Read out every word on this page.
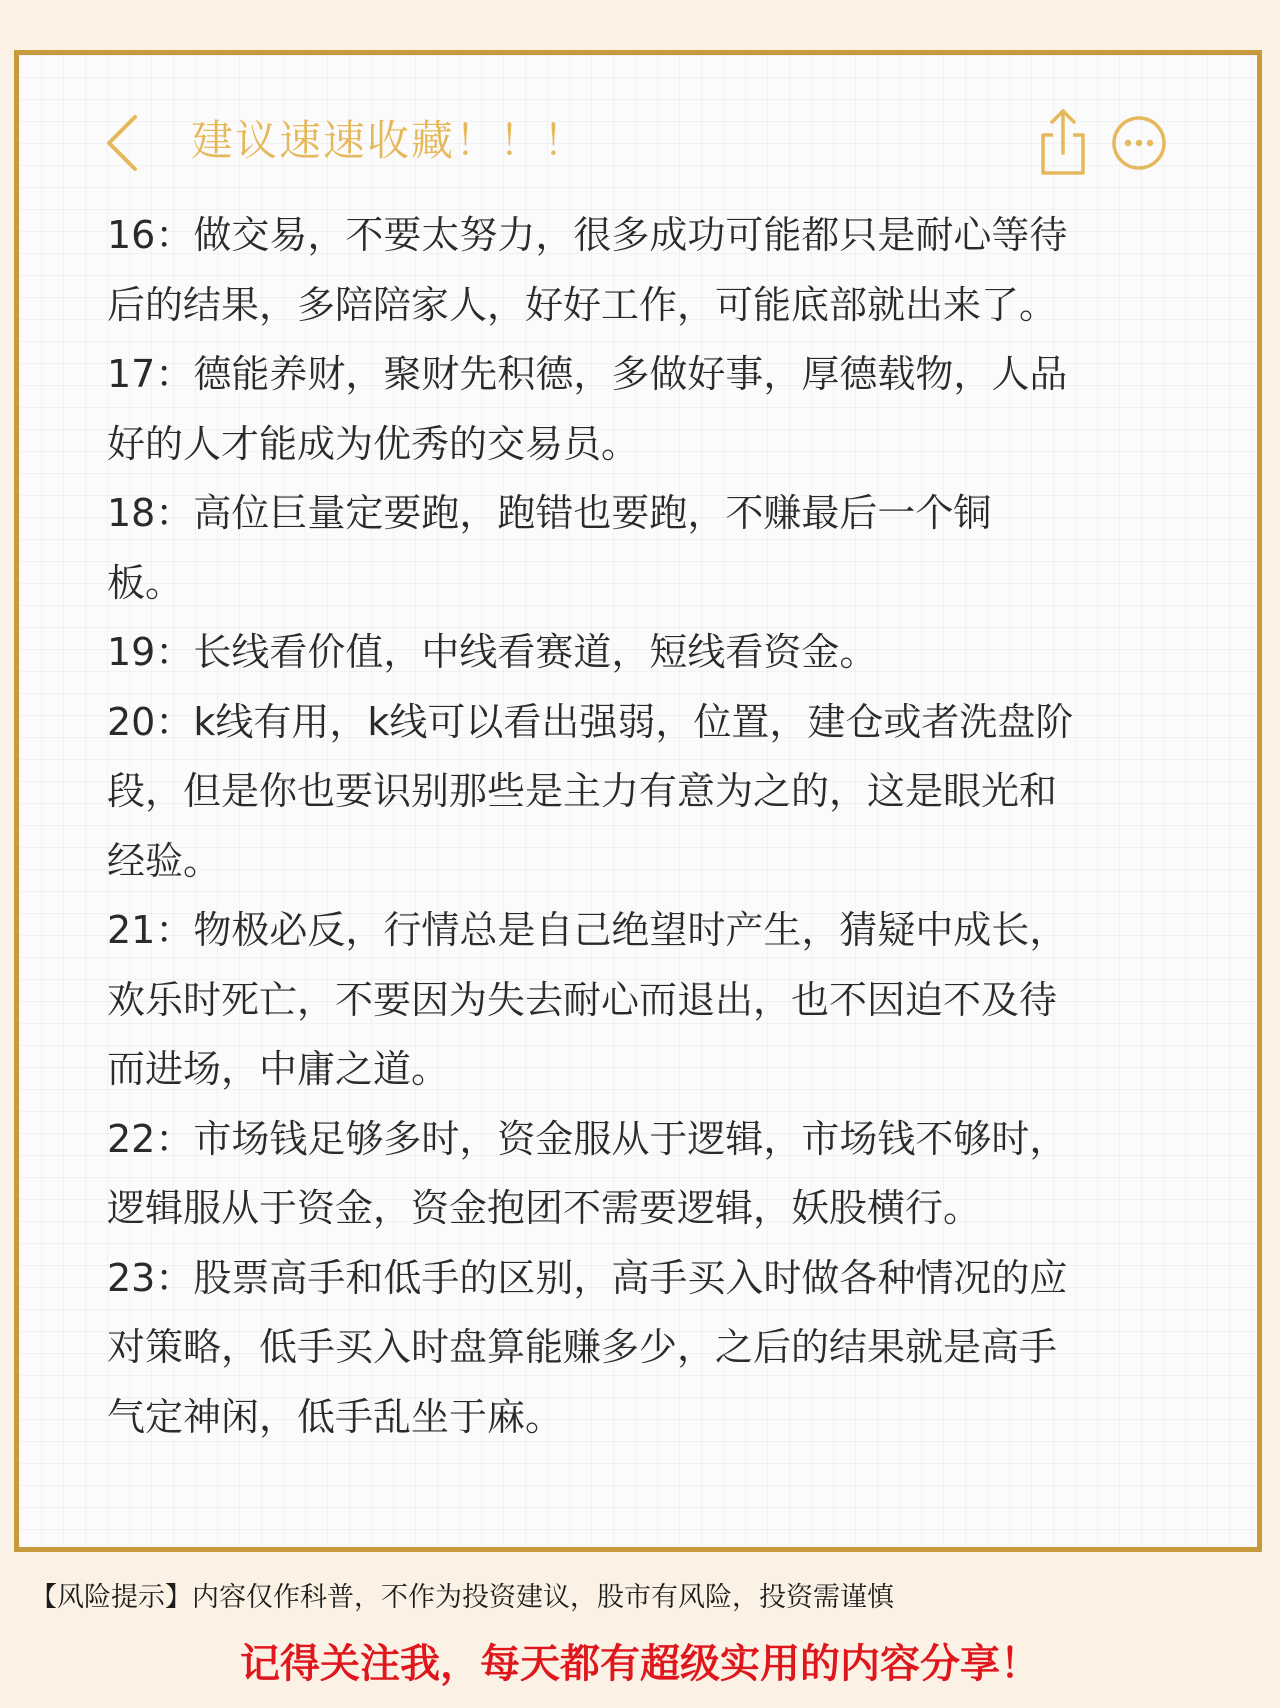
建议速速收藏！！！

16：做交易，不要太努力，很多成功可能都只是耐心等待
后的结果，多陪陪家人，好好工作，可能底部就出来了。

17：德能养财，聚财先积德，多做好事，厚德载物，人品
好的人才能成为优秀的交易员。

18：高位巨量定要跑，跑错也要跑，不赚最后一个铜
板。

19：长线看价值，中线看赛道，短线看资金。

20：k线有用，k线可以看出强弱，位置，建仓或者洗盘阶
段，但是你也要识别那些是主力有意为之的，这是眼光和
经验。

21：物极必反，行情总是自己绝望时产生，猜疑中成长，
欢乐时死亡，不要因为失去耐心而退出，也不因迫不及待
而进场，中庸之道。

22：市场钱足够多时，资金服从于逻辑，市场钱不够时，
逻辑服从于资金，资金抱团不需要逻辑，妖股横行。

23：股票高手和低手的区别，高手买入时做各种情况的应
对策略，低手买入时盘算能赚多少，之后的结果就是高手
气定神闲，低手乱坐于麻。

【风险提示】内容仅作科普，不作为投资建议，股市有风险，投资需谨慎
记得关注我，每天都有超级实用的内容分享！
